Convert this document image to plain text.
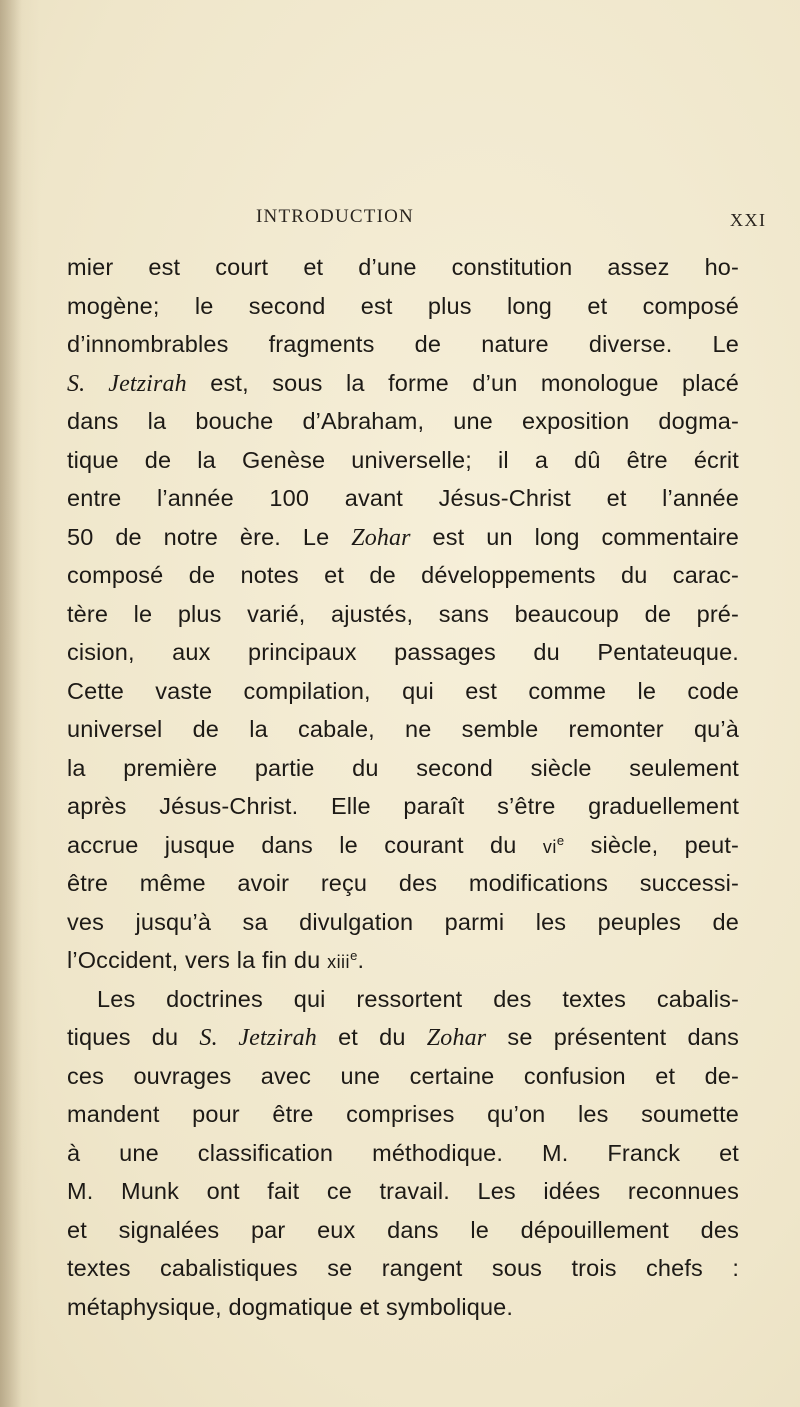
INTRODUCTION	XXI
mier est court et d’une constitution assez ho-
mogène; le second est plus long et composé
d’innombrables fragments de nature diverse. Le
S. Jetzirah est, sous la forme d’un monologue placé
dans la bouche d’Abraham, une exposition dogma-
tique de la Genèse universelle; il a dû être écrit
entre l’année 100 avant Jésus-Christ et l’année
50 de notre ère. Le Zohar est un long commentaire
composé de notes et de développements du carac-
tère le plus varié, ajustés, sans beaucoup de pré-
cision, aux principaux passages du Pentateuque.
Cette vaste compilation, qui est comme le code
universel de la cabale, ne semble remonter qu’à
la première partie du second siècle seulement
après Jésus-Christ. Elle paraît s’être graduellement
accrue jusque dans le courant du $vi^e$ siècle, peut-
être même avoir reçu des modifications successi-
ves jusqu’à sa divulgation parmi les peuples de
l’Occident, vers la fin du xiii$^e$.
Les doctrines qui ressortent des textes cabalis-
tiques du S. Jetzirah et du Zohar se présentent dans
ces ouvrages avec une certaine confusion et de-
mandent pour être comprises qu’on les soumette
à une classification méthodique. M. Franck et
M. Munk ont fait ce travail. Les idées reconnues
et signalées par eux dans le dépouillement des
textes cabalistiques se rangent sous trois chefs :
métaphysique, dogmatique et symbolique.
